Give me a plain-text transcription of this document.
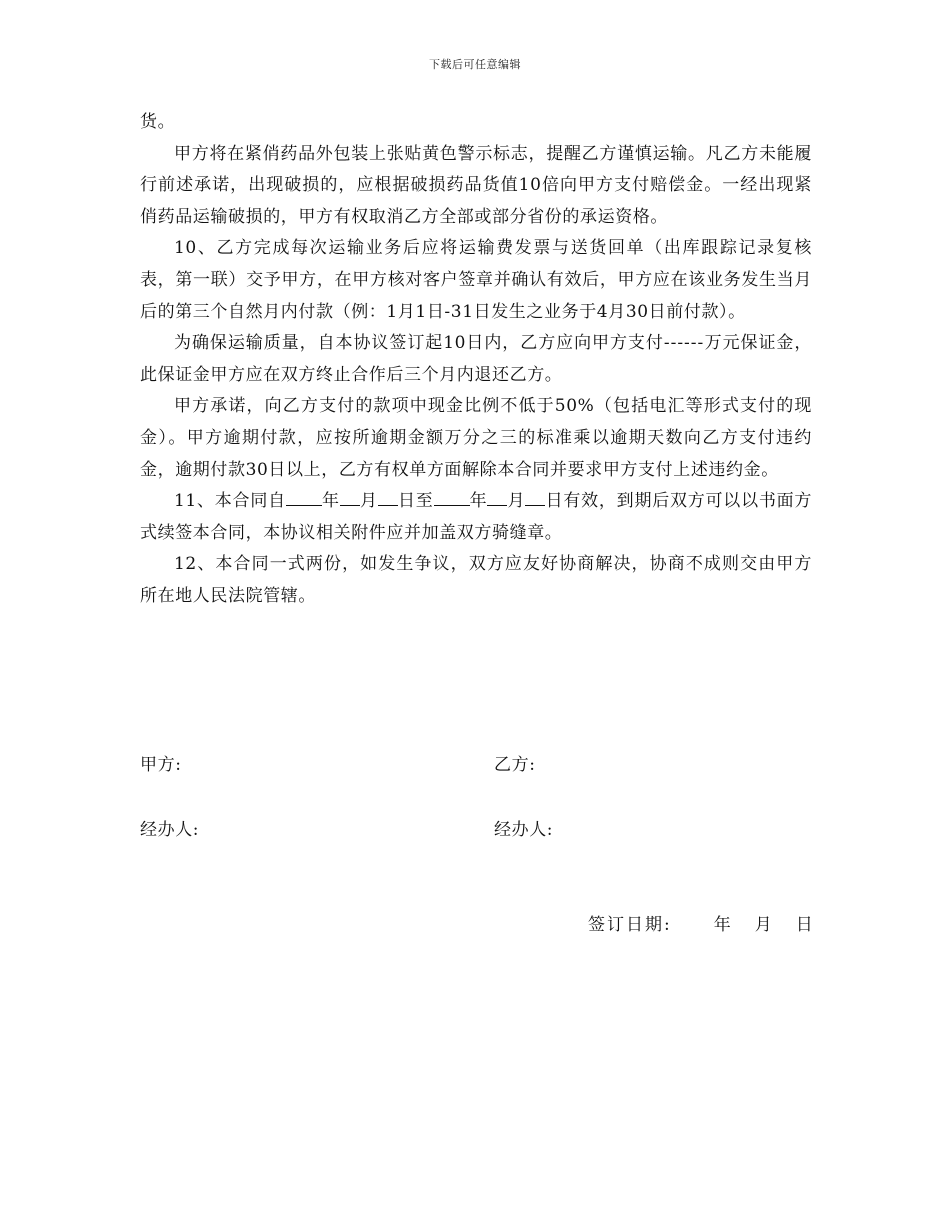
下载后可任意编辑

货。

甲方将在紧俏药品外包装上张贴黄色警示标志，提醒乙方谨慎运输。凡乙方未能履行前述承诺，出现破损的，应根据破损药品货值10倍向甲方支付赔偿金。一经出现紧俏药品运输破损的，甲方有权取消乙方全部或部分省份的承运资格。

10、乙方完成每次运输业务后应将运输费发票与送货回单（出库跟踪记录复核表，第一联）交予甲方，在甲方核对客户签章并确认有效后，甲方应在该业务发生当月后的第三个自然月内付款（例：1月1日-31日发生之业务于4月30日前付款）。

为确保运输质量，自本协议签订起10日内，乙方应向甲方支付------万元保证金，此保证金甲方应在双方终止合作后三个月内退还乙方。

甲方承诺，向乙方支付的款项中现金比例不低于50%（包括电汇等形式支付的现金）。甲方逾期付款，应按所逾期金额万分之三的标准乘以逾期天数向乙方支付违约金，逾期付款30日以上，乙方有权单方面解除本合同并要求甲方支付上述违约金。

11、本合同自 年 月 日至 年 月 日有效，到期后双方可以以书面方式续签本合同，本协议相关附件应并加盖双方骑缝章。

12、本合同一式两份，如发生争议，双方应友好协商解决，协商不成则交由甲方所在地人民法院管辖。

甲方:	乙方:
经办人:	经办人:
签订日期: 年 月 日
